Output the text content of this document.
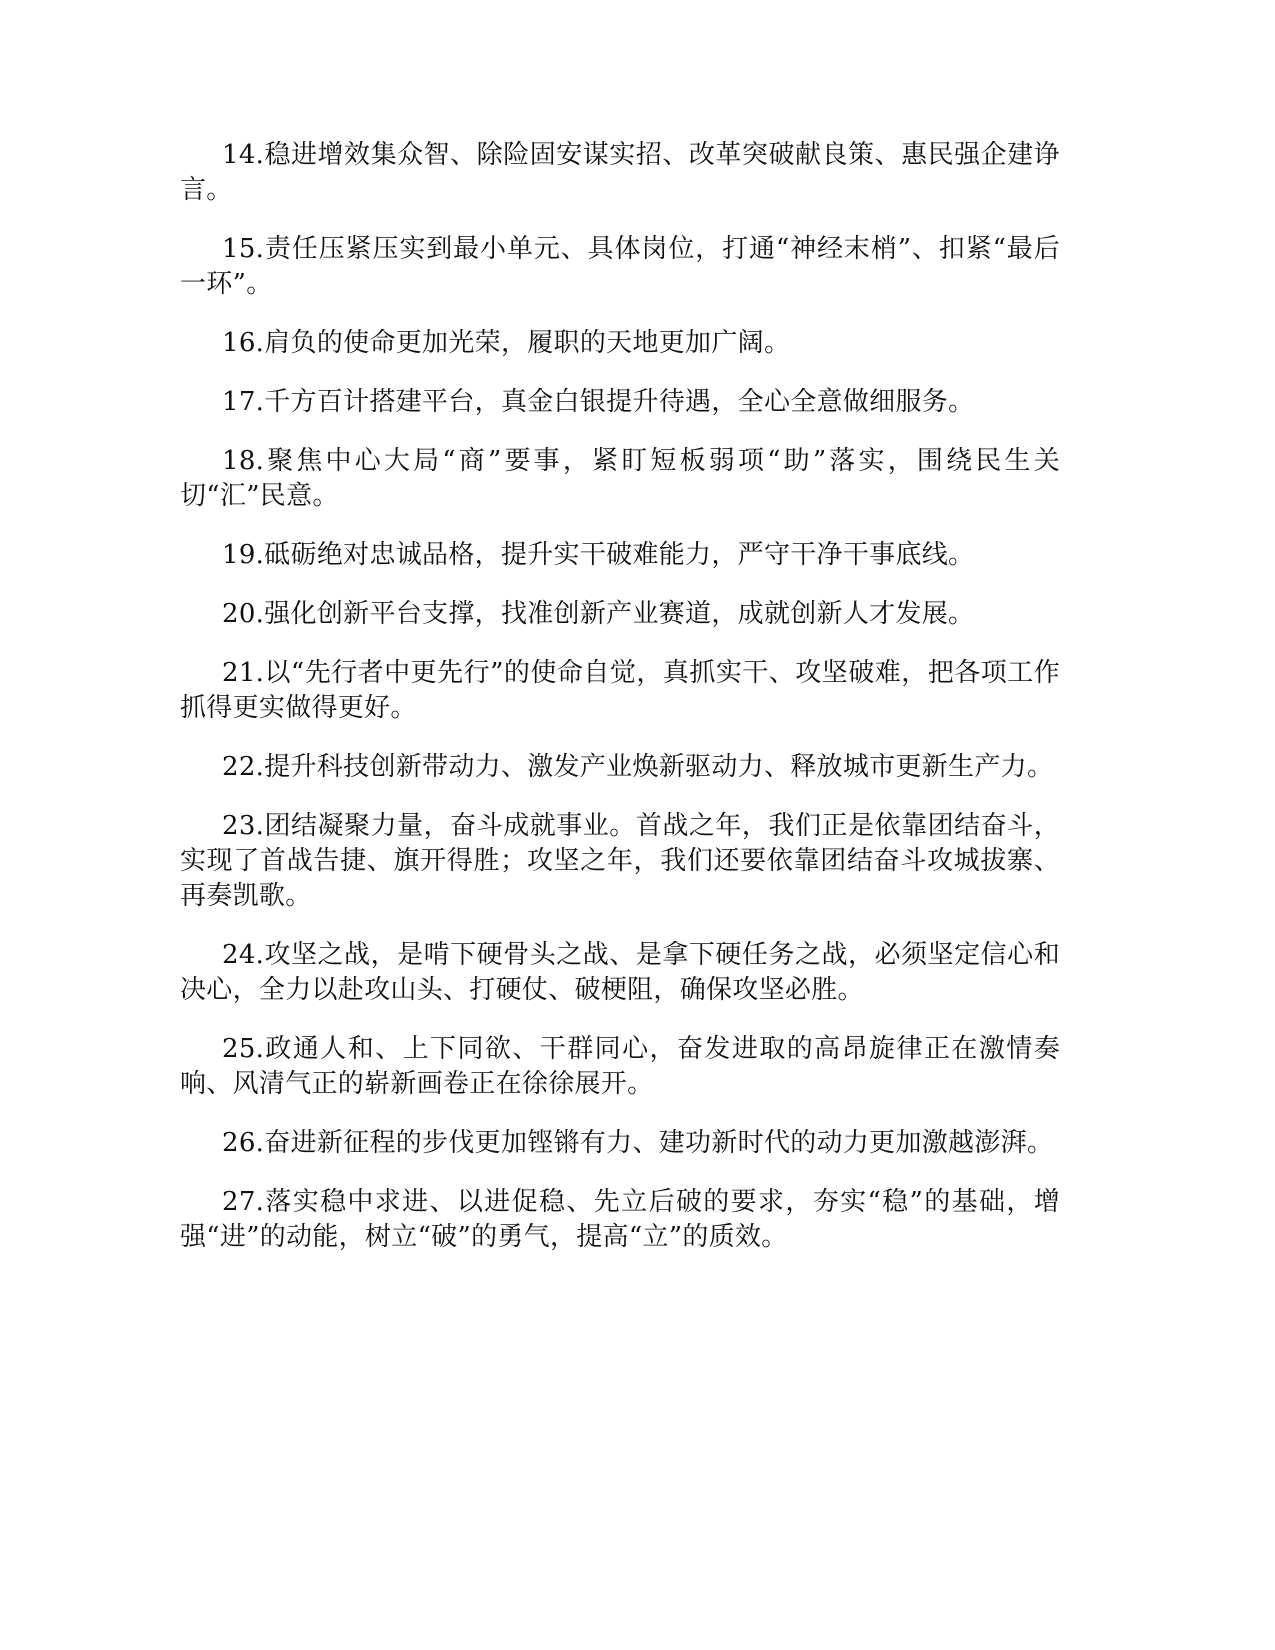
14.稳进增效集众智、除险固安谋实招、改革突破献良策、惠民强企建诤言。

15.责任压紧压实到最小单元、具体岗位，打通“神经末梢”、扣紧“最后一环”。

16.肩负的使命更加光荣，履职的天地更加广阔。

17.千方百计搭建平台，真金白银提升待遇，全心全意做细服务。

18.聚焦中心大局“商”要事，紧盯短板弱项“助”落实，围绕民生关切“汇”民意。

19.砥砺绝对忠诚品格，提升实干破难能力，严守干净干事底线。

20.强化创新平台支撑，找准创新产业赛道，成就创新人才发展。

21.以“先行者中更先行”的使命自觉，真抓实干、攻坚破难，把各项工作抓得更实做得更好。

22.提升科技创新带动力、激发产业焕新驱动力、释放城市更新生产力。

23.团结凝聚力量，奋斗成就事业。首战之年，我们正是依靠团结奋斗，实现了首战告捷、旗开得胜；攻坚之年，我们还要依靠团结奋斗攻城拔寨、再奏凯歌。

24.攻坚之战，是啃下硬骨头之战、是拿下硬任务之战，必须坚定信心和决心，全力以赴攻山头、打硬仗、破梗阻，确保攻坚必胜。

25.政通人和、上下同欲、干群同心，奋发进取的高昂旋律正在激情奏响、风清气正的崭新画卷正在徐徐展开。

26.奋进新征程的步伐更加铿锵有力、建功新时代的动力更加激越澎湃。

27.落实稳中求进、以进促稳、先立后破的要求，夯实“稳”的基础，增强“进”的动能，树立“破”的勇气，提高“立”的质效。
